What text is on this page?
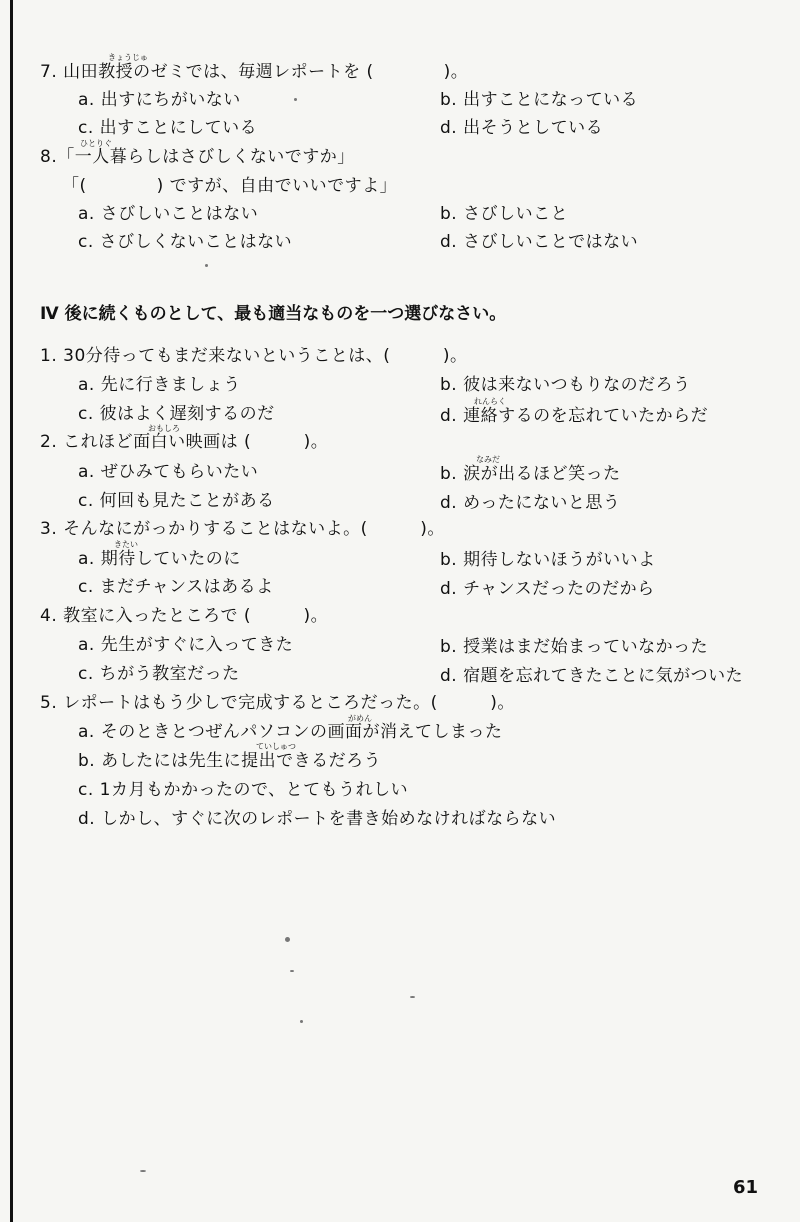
きょうじゅ
7. 山田教授のゼミでは、毎週レポートを (　　　　)。
a. 出すにちがいない	b. 出すことになっている
c. 出すことにしている	d. 出そうとしている
ひとりぐ
8.「一人暮らしはさびしくないですか」
「(　　　　) ですが、自由でいいですよ」
a. さびしいことはない	b. さびしいこと
c. さびしくないことはない	d. さびしいことではない
Ⅳ 後に続くものとして、最も適当なものを一つ選びなさい。
1. 30分待ってもまだ来ないということは、(　　　)。
a. 先に行きましょう	b. 彼は来ないつもりなのだろう
れんらく
c. 彼はよく遅刻するのだ	d. 連絡するのを忘れていたからだ
おもしろ
2. これほど面白い映画は (　　　)。
なみだ
a. ぜひみてもらいたい	b. 涙が出るほど笑った
c. 何回も見たことがある	d. めったにないと思う
3. そんなにがっかりすることはないよ。(　　　)。
きたい
a. 期待していたのに	b. 期待しないほうがいいよ
c. まだチャンスはあるよ	d. チャンスだったのだから
4. 教室に入ったところで (　　　)。
a. 先生がすぐに入ってきた	b. 授業はまだ始まっていなかった
c. ちがう教室だった	d. 宿題を忘れてきたことに気がついた
5. レポートはもう少しで完成するところだった。(　　　)。
がめん
a. そのときとつぜんパソコンの画面が消えてしまった
ていしゅつ
b. あしたには先生に提出できるだろう
c. 1カ月もかかったので、とてもうれしい
d. しかし、すぐに次のレポートを書き始めなければならない
61
